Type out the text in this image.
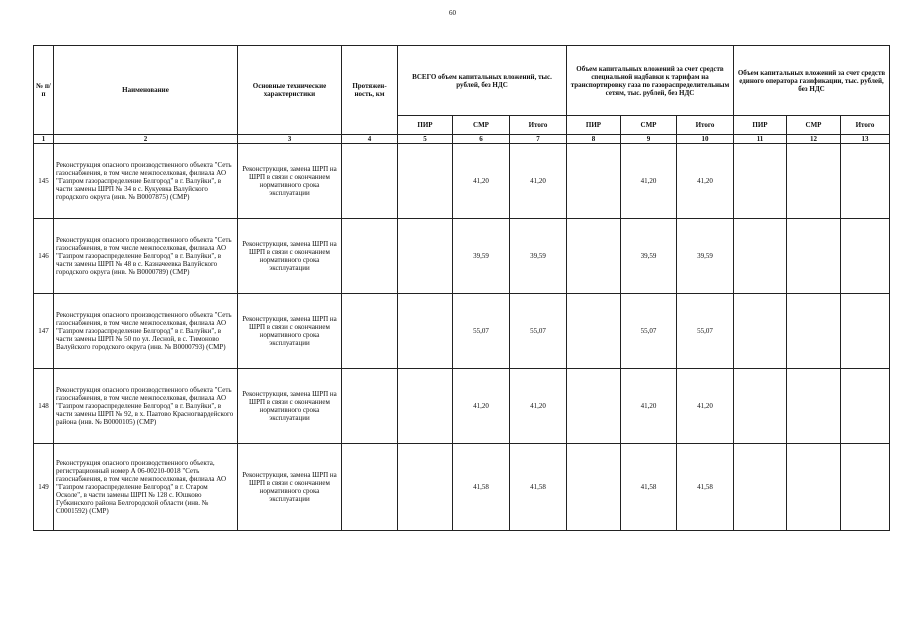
60
№ п/п	Наименование	Основные технические характеристики	Протяжен-ность, км	ВСЕГО объем капитальных вложений, тыс. рублей, без НДС			Объем капитальных вложений за счет средств специальной надбавки к тарифам на транспортировку газа по газораспределительным сетям, тыс. рублей, без НДС			Объем капитальных вложений за счет средств единого оператора газификации, тыс. рублей, без НДС		
				ПИР	СМР	Итого	ПИР	СМР	Итого	ПИР	СМР	Итого
1	2	3	4	5	6	7	8	9	10	11	12	13
145	Реконструкция опасного производственного объекта "Сеть газоснабжения, в том числе межпоселковая, филиала АО "Газпром газораспределение Белгород" в г. Валуйки", в части замены ШРП № 34 в с. Кукуевка Валуйского городского округа (инв. № В0007875) (СМР)	Реконструкция, замена ШРП на ШРП в связи с окончанием нормативного срока эксплуатации			41,20	41,20		41,20	41,20			
146	Реконструкция опасного производственного объекта "Сеть газоснабжения, в том числе межпоселковая, филиала АО "Газпром газораспределение Белгород" в г. Валуйки", в части замены ШРП № 48 в с. Казначеевка Валуйского городского округа (инв. № В0000789) (СМР)	Реконструкция, замена ШРП на ШРП в связи с окончанием нормативного срока эксплуатации			39,59	39,59		39,59	39,59			
147	Реконструкция опасного производственного объекта "Сеть газоснабжения, в том числе межпоселковая, филиала АО "Газпром газораспределение Белгород" в г. Валуйки", в части замены ШРП № 50 по ул. Лесной, в с. Тимоново Валуйского городского округа (инв. № В0000793) (СМР)	Реконструкция, замена ШРП на ШРП в связи с окончанием нормативного срока эксплуатации			55,07	55,07		55,07	55,07			
148	Реконструкция опасного производственного объекта "Сеть газоснабжения, в том числе межпоселковая, филиала АО "Газпром газораспределение Белгород" в г. Валуйки", в части замены ШРП № 92, в х. Паатово Красногвардейского района (инв. № В0000105) (СМР)	Реконструкция, замена ШРП на ШРП в связи с окончанием нормативного срока эксплуатации			41,20	41,20		41,20	41,20			
149	Реконструкция опасного производственного объекта, регистрационный номер А 06-00210-0018 "Сеть газоснабжения, в том числе межпоселковая, филиала АО "Газпром газораспределение Белгород" в г. Старом Осколе", в части замены ШРП № 128 с. Юшково Губкинского района Белгородской области (инв. № С0001592) (СМР)	Реконструкция, замена ШРП на ШРП в связи с окончанием нормативного срока эксплуатации			41,58	41,58		41,58	41,58			
